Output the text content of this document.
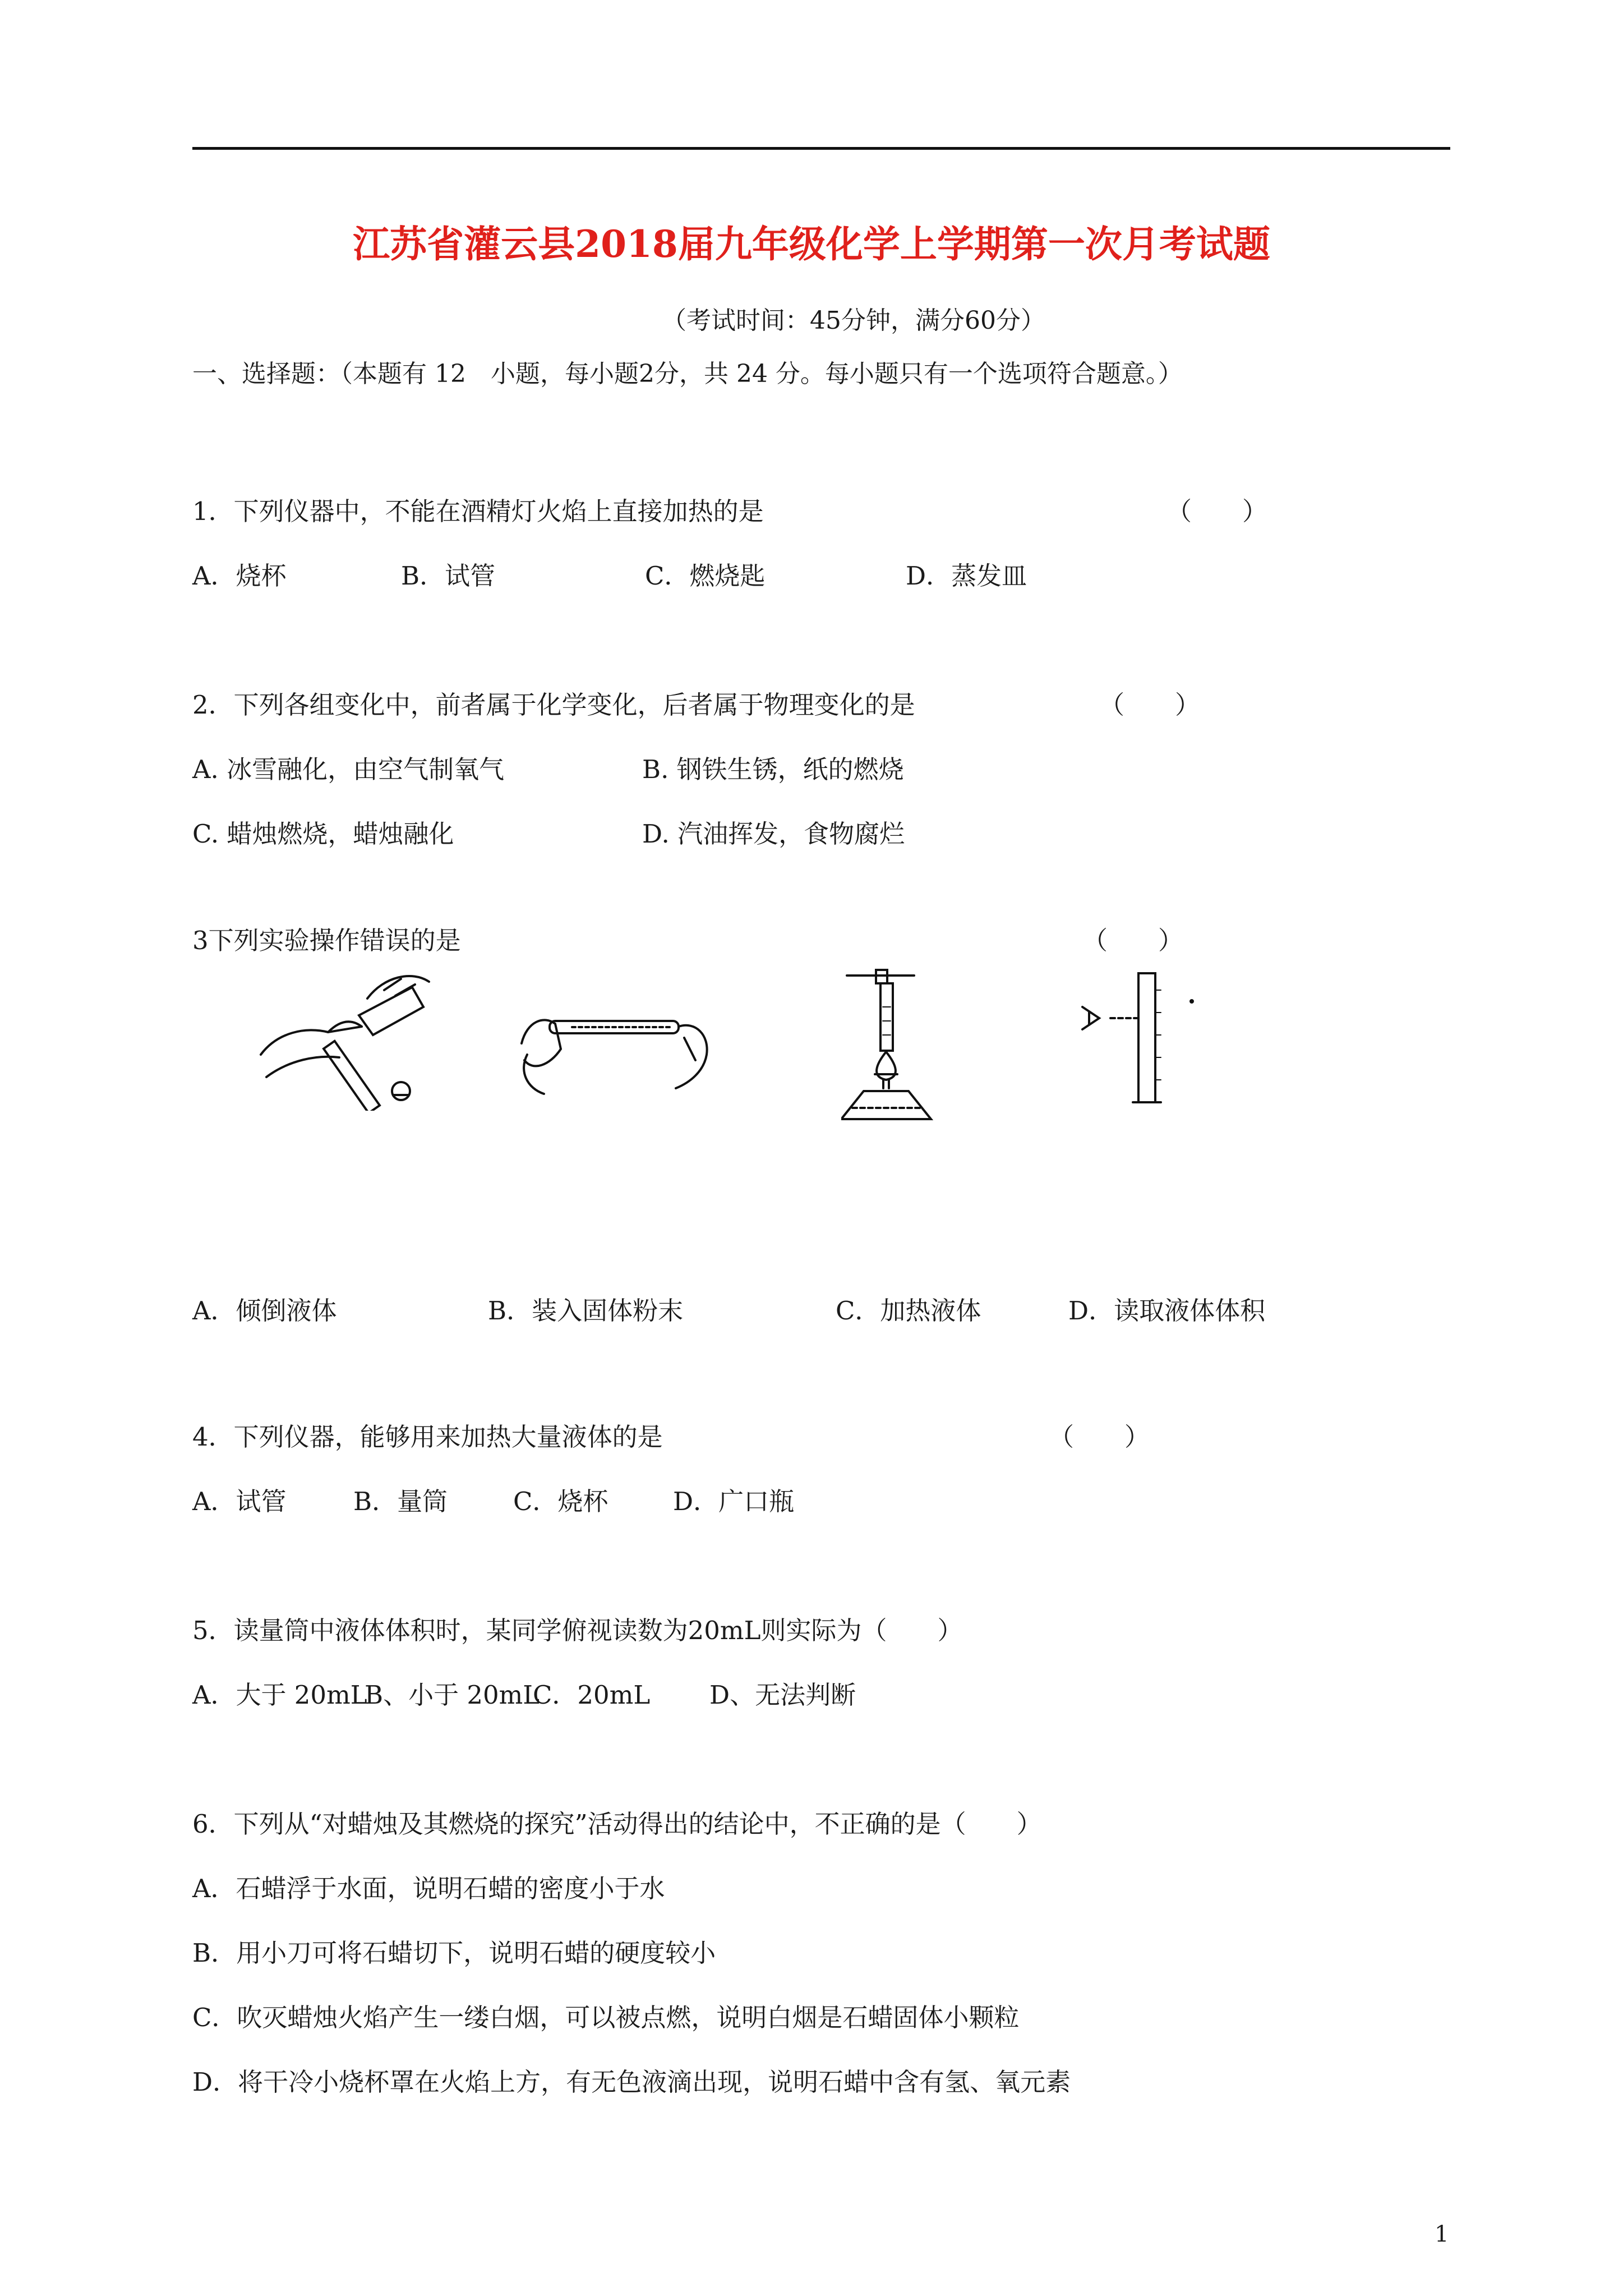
江苏省灌云县2018届九年级化学上学期第一次月考试题
（考试时间：45分钟，满分60分）
一、选择题：（本题有 12　小题，每小题2分，共 24 分。每小题只有一个选项符合题意。）
1．下列仪器中，不能在酒精灯火焰上直接加热的是	（　　）
A．烧杯	B．试管	C．燃烧匙	D．蒸发皿
2．下列各组变化中，前者属于化学变化，后者属于物理变化的是	（　　）
A. 冰雪融化，由空气制氧气	B. 钢铁生锈，纸的燃烧
C. 蜡烛燃烧，蜡烛融化	D. 汽油挥发，食物腐烂
3下列实验操作错误的是	（　　）
A．倾倒液体	B．装入固体粉末	C．加热液体	D．读取液体体积
4．下列仪器，能够用来加热大量液体的是	（　　）
A．试管	B．量筒	C．烧杯	D．广口瓶
5．读量筒中液体体积时，某同学俯视读数为20mL则实际为（　　）
A．大于 20mL
B、小于 20mL
C．20mL D、无法判断
6．下列从“对蜡烛及其燃烧的探究”活动得出的结论中，不正确的是（　　）
A．石蜡浮于水面，说明石蜡的密度小于水
B．用小刀可将石蜡切下，说明石蜡的硬度较小
C．吹灭蜡烛火焰产生一缕白烟，可以被点燃，说明白烟是石蜡固体小颗粒
D．将干冷小烧杯罩在火焰上方，有无色液滴出现，说明石蜡中含有氢、氧元素
1
